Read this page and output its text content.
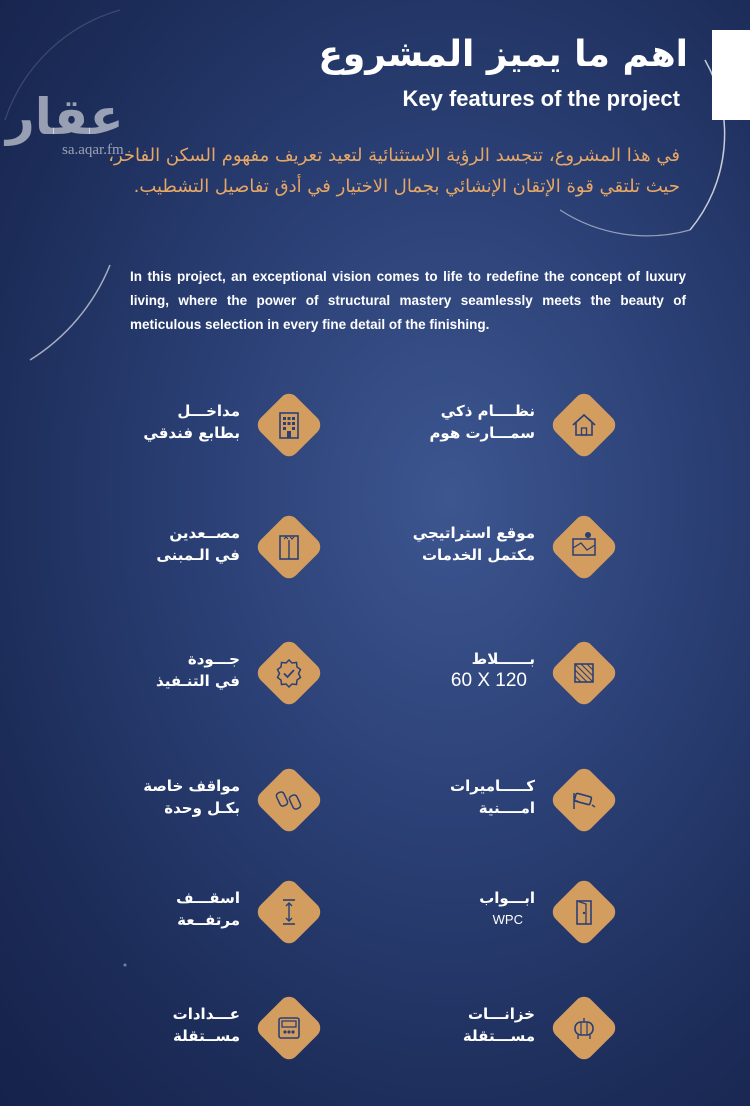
عقار
sa.aqar.fm
اهم ما يميز المشروع
Key features of the project
في هذا المشروع، تتجسد الرؤية الاستثنائية لتعيد تعريف مفهوم السكن الفاخر، حيث تلتقي قوة الإتقان الإنشائي بجمال الاختيار في أدق تفاصيل التشطيب.
In this project, an exceptional vision comes to life to redefine the concept of luxury living, where the power of structural mastery seamlessly meets the beauty of meticulous selection in every fine detail of the finishing.
مداخـــل
بطابع فندقي
مصــعدين
في الـمبنى
جـــودة
في التنـفيذ
مواقف خاصة
بكـل وحدة
اسقـــف
مرتفــعة
عـــدادات
مســتقلة
نظــــام ذكي
سمـــارت هوم
موقع استراتيجي
مكتمل الخدمات
بــــــلاط
60 X 120
كـــــاميرات
امــــنية
ابـــواب
WPC
خزانـــات
مســـتقلة
